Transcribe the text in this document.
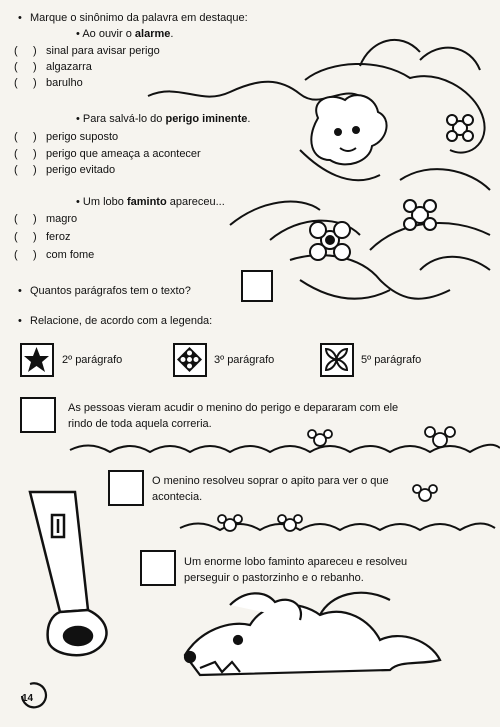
• Marque o sinônimo da palavra em destaque:
• Ao ouvir o alarme.
(     ) sinal para avisar perigo
(     ) algazarra
(     ) barulho
• Para salvá-lo do perigo iminente.
(     ) perigo suposto
(     ) perigo que ameaça a acontecer
(     ) perigo evitado
• Um lobo faminto apareceu...
(     ) magro
(     ) feroz
(     ) com fome
• Quantos parágrafos tem o texto?
• Relacione, de acordo com a legenda:
2º parágrafo	3º parágrafo	5º parágrafo
As pessoas vieram acudir o menino do perigo e depararam com ele
rindo de toda aquela correria.
O menino resolveu soprar o apito para ver o que
acontecia.
Um enorme lobo faminto apareceu e resolveu
perseguir o pastorzinho e o rebanho.
14
